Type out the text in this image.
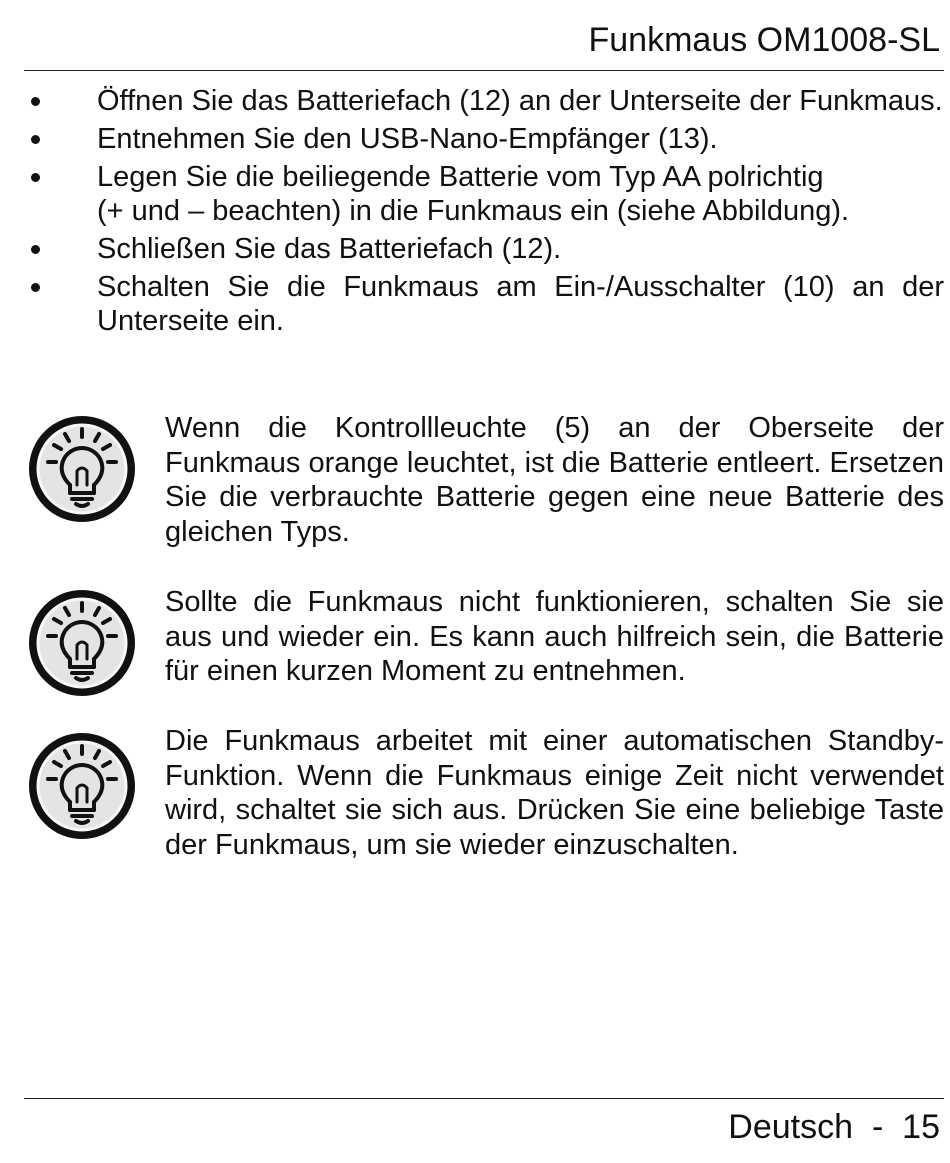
Funkmaus OM1008-SL
Öffnen Sie das Batteriefach (12) an der Unterseite der Funkmaus.
Entnehmen Sie den USB-Nano-Empfänger (13).
Legen Sie die beiliegende Batterie vom Typ AA polrichtig
(+ und – beachten) in die Funkmaus ein (siehe Abbildung).
Schließen Sie das Batteriefach (12).
Schalten Sie die Funkmaus am Ein-/Ausschalter (10) an der Unterseite ein.
Wenn die Kontrollleuchte (5) an der Oberseite der Funkmaus orange leuchtet, ist die Batterie entleert. Ersetzen Sie die verbrauchte Batterie gegen eine neue Batterie des gleichen Typs.
Sollte die Funkmaus nicht funktionieren, schalten Sie sie aus und wieder ein. Es kann auch hilfreich sein, die Batterie für einen kurzen Moment zu entnehmen.
Die Funkmaus arbeitet mit einer automatischen Standby-Funktion. Wenn die Funkmaus einige Zeit nicht verwendet wird, schaltet sie sich aus. Drücken Sie eine beliebige Taste der Funkmaus, um sie wieder einzuschalten.
Deutsch - 15
